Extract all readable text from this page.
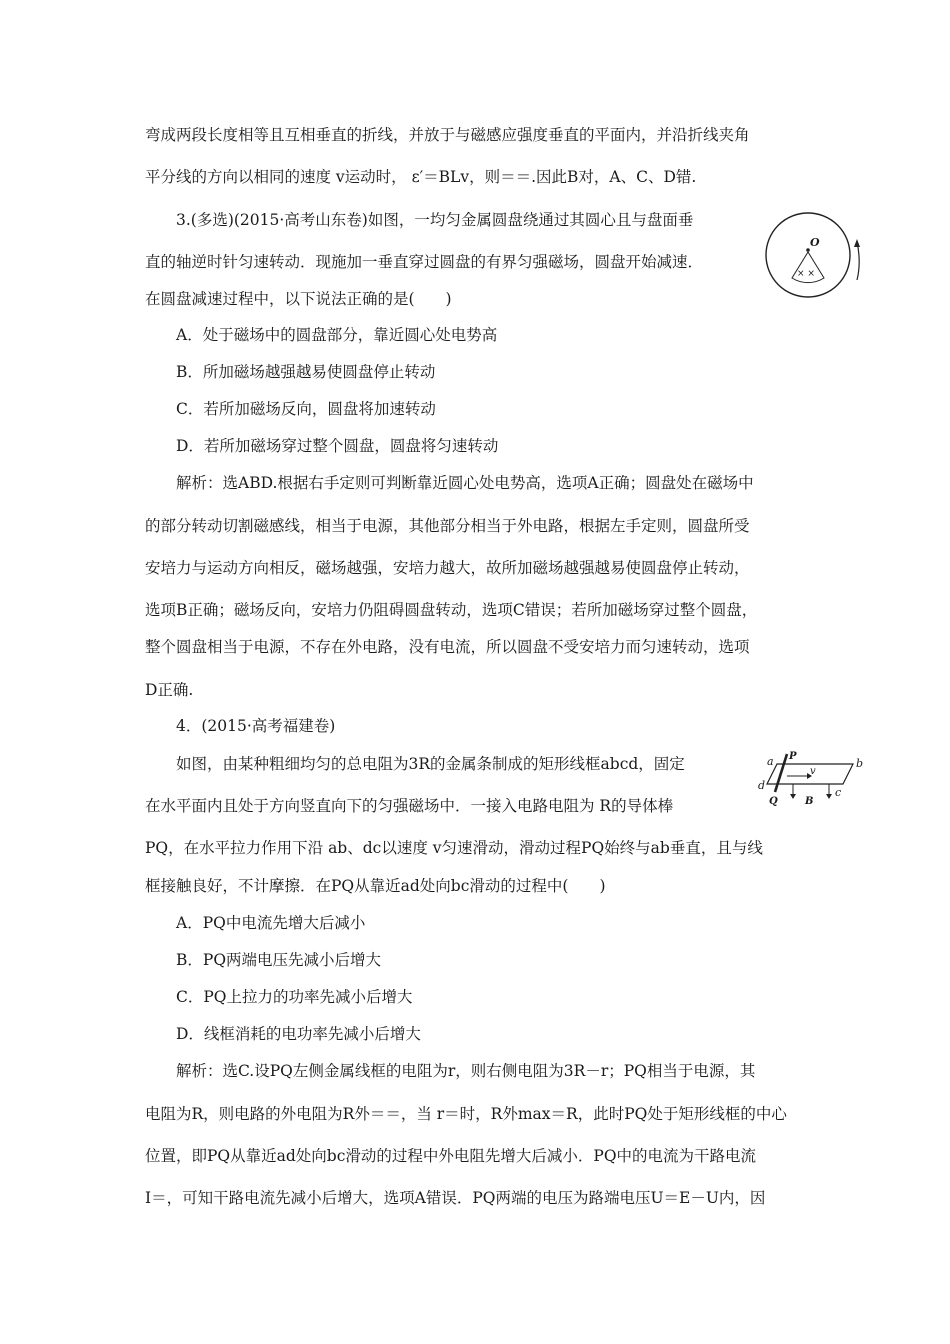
弯成两段长度相等且互相垂直的折线，并放于与磁感应强度垂直的平面内，并沿折线夹角
平分线的方向以相同的速度 v运动时， ε′＝BLv，则＝＝.因此B对，A、C、D错.
3.(多选)(2015·高考山东卷)如图，一均匀金属圆盘绕通过其圆心且与盘面垂
直的轴逆时针匀速转动．现施加一垂直穿过圆盘的有界匀强磁场，圆盘开始减速．
在圆盘减速过程中，以下说法正确的是(　　)
A．处于磁场中的圆盘部分，靠近圆心处电势高
B．所加磁场越强越易使圆盘停止转动
C．若所加磁场反向，圆盘将加速转动
D．若所加磁场穿过整个圆盘，圆盘将匀速转动
解析：选ABD.根据右手定则可判断靠近圆心处电势高，选项A正确；圆盘处在磁场中
的部分转动切割磁感线，相当于电源，其他部分相当于外电路，根据左手定则，圆盘所受
安培力与运动方向相反，磁场越强，安培力越大，故所加磁场越强越易使圆盘停止转动，
选项B正确；磁场反向，安培力仍阻碍圆盘转动，选项C错误；若所加磁场穿过整个圆盘，
整个圆盘相当于电源，不存在外电路，没有电流，所以圆盘不受安培力而匀速转动，选项
D正确.
4．(2015·高考福建卷)
如图，由某种粗细均匀的总电阻为3R的金属条制成的矩形线框abcd，固定
在水平面内且处于方向竖直向下的匀强磁场中．一接入电路电阻为 R的导体棒
PQ，在水平拉力作用下沿 ab、dc以速度 v匀速滑动，滑动过程PQ始终与ab垂直，且与线
框接触良好，不计摩擦．在PQ从靠近ad处向bc滑动的过程中(　　)
A．PQ中电流先增大后减小
B．PQ两端电压先减小后增大
C．PQ上拉力的功率先减小后增大
D．线框消耗的电功率先减小后增大
解析：选C.设PQ左侧金属线框的电阻为r，则右侧电阻为3R－r；PQ相当于电源，其
电阻为R，则电路的外电阻为R外＝＝，当 r＝时，R外max＝R，此时PQ处于矩形线框的中心
位置，即PQ从靠近ad处向bc滑动的过程中外电阻先增大后减小．PQ中的电流为干路电流
I＝，可知干路电流先减小后增大，选项A错误．PQ两端的电压为路端电压U＝E－U内，因
O
× ×
a	b
c
d
P
Q
v
B
